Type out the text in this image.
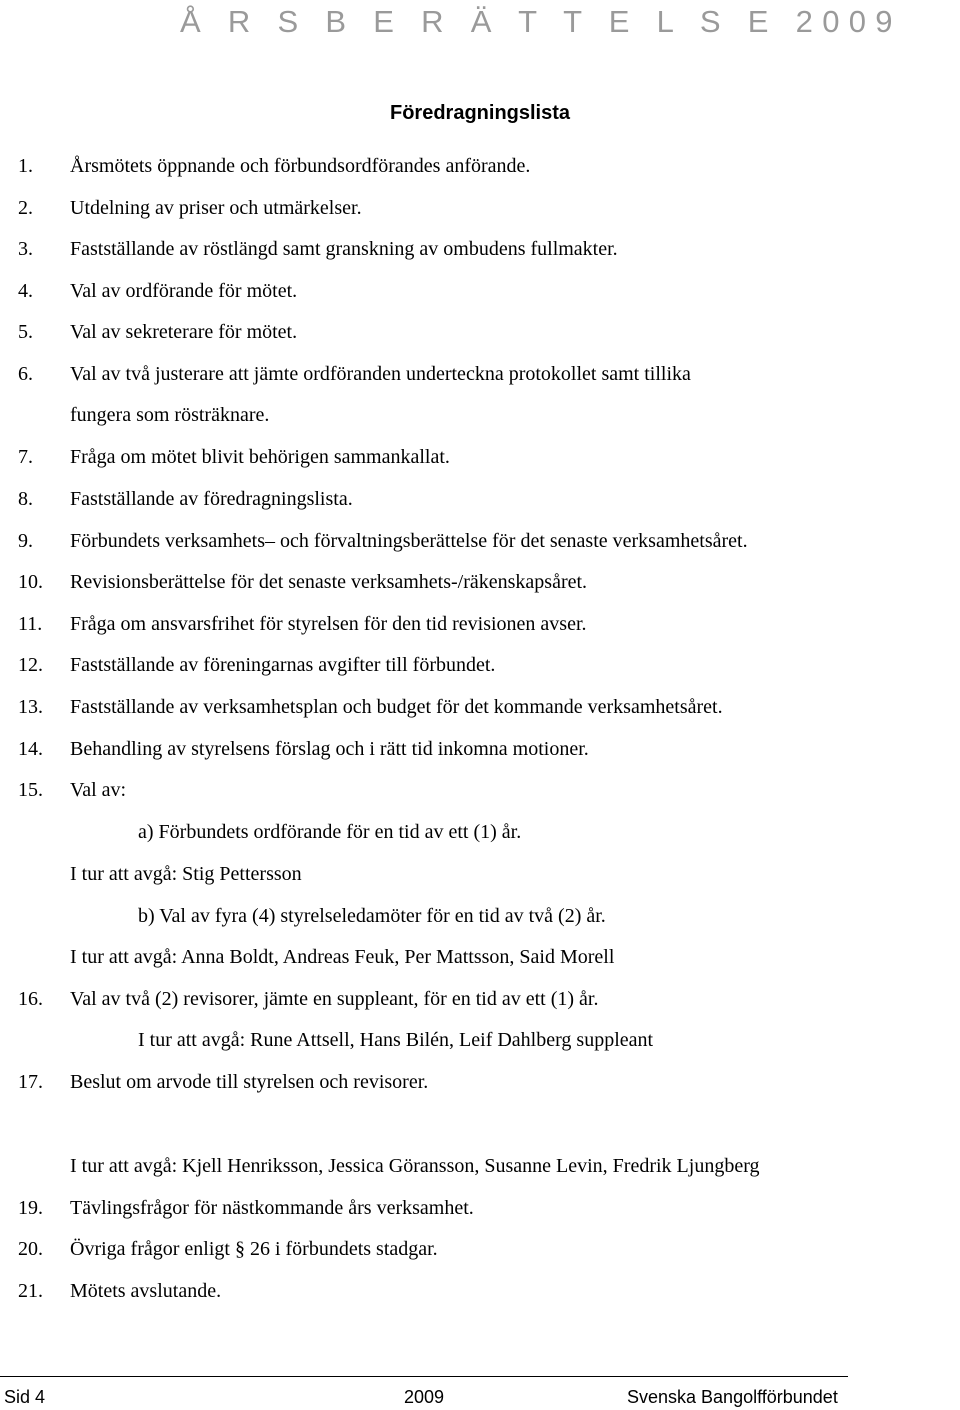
Å R S B E R Ä T T E L S E 2009
Föredragningslista
1. Årsmötets öppnande och förbundsordförandes anförande.
2. Utdelning av priser och utmärkelser.
3. Fastställande av röstlängd samt granskning av ombudens fullmakter.
4. Val av ordförande för mötet.
5. Val av sekreterare för mötet.
6. Val av två justerare att jämte ordföranden underteckna protokollet samt tillika
fungera som rösträknare.
7. Fråga om mötet blivit behörigen sammankallat.
8. Fastställande av föredragningslista.
9. Förbundets verksamhets– och förvaltningsberättelse för det senaste verksamhetsåret.
10. Revisionsberättelse för det senaste verksamhets-/räkenskapsåret.
11. Fråga om ansvarsfrihet för styrelsen för den tid revisionen avser.
12. Fastställande av föreningarnas avgifter till förbundet.
13. Fastställande av verksamhetsplan och budget för det kommande verksamhetsåret.
14. Behandling av styrelsens förslag och i rätt tid inkomna motioner.
15. Val av:
a) Förbundets ordförande för en tid av ett (1) år.
I tur att avgå: Stig Pettersson
b) Val av fyra (4) styrelseledamöter för en tid av två (2) år.
I tur att avgå: Anna Boldt, Andreas Feuk, Per Mattsson, Said Morell
16. Val av två (2) revisorer, jämte en suppleant, för en tid av ett (1) år.
I tur att avgå: Rune Attsell, Hans Bilén, Leif Dahlberg suppleant
17. Beslut om arvode till styrelsen och revisorer.
I tur att avgå: Kjell Henriksson, Jessica Göransson, Susanne Levin, Fredrik Ljungberg
19. Tävlingsfrågor för nästkommande års verksamhet.
20. Övriga frågor enligt § 26 i förbundets stadgar.
21. Mötets avslutande.
Sid 4	2009	Svenska Bangolfförbundet
